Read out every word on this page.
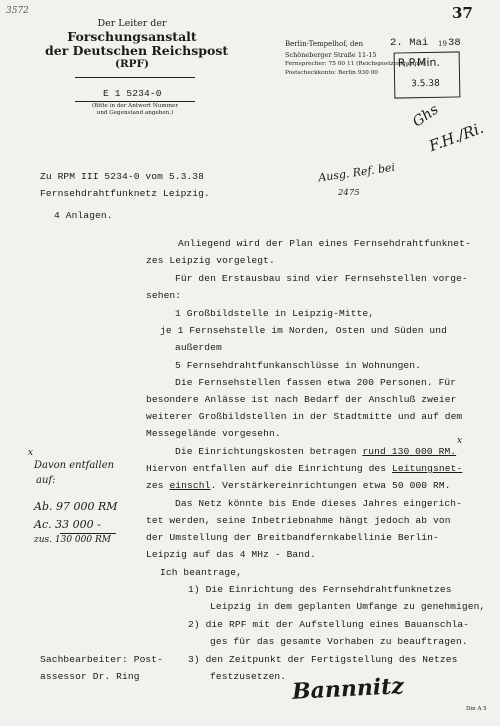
37
3572
Der Leiter der
Forschungsanstalt
der Deutschen Reichspost
(RPF)
E 1 5234-0
(Bitte in der Antwort Nummer
und Gegenstand angeben.)
Berlin-Tempelhof, den	2. Mai 19 38
Schöneberger Straße 11-15
Fernsprecher: 75 00 11 (Reichspostzentralamt)
Postscheckkonto: Berlin 930 00
R.P.Min.
3.5.38
Ghs
F.H./Ri.
Ausg. Ref. bei
2475
Zu RPM III 5234-0 vom 5.3.38
Fernsehdrahtfunknetz Leipzig.
4 Anlagen.
Anliegend wird der Plan eines Fernsehdrahtfunknet-
zes Leipzig vorgelegt.
Für den Erstausbau sind vier Fernsehstellen vorge-
sehen:
1 Großbildstelle in Leipzig-Mitte,
je 1 Fernsehstelle im Norden, Osten und Süden und
außerdem
5 Fernsehdrahtfunkanschlüsse in Wohnungen.
Die Fernsehstellen fassen etwa 200 Personen. Für
besondere Anlässe ist nach Bedarf der Anschluß zweier
weiterer Großbildstellen in der Stadtmitte und auf dem
Messegelände vorgesehn.
Die Einrichtungskosten betragen rund 130 000 RM.
x
Hiervon entfallen auf die Einrichtung des Leitungsnet-
zes einschl. Verstärkereinrichtungen etwa 50 000 RM.
Das Netz könnte bis Ende dieses Jahres eingerich-
tet werden, seine Inbetriebnahme hängt jedoch ab von
der Umstellung der Breitbandfernkabellinie Berlin-
Leipzig auf das 4 MHz - Band.
Ich beantrage,
1) Die Einrichtung des Fernsehdrahtfunknetzes
Leipzig in dem geplanten Umfange zu genehmigen,
2) die RPF mit der Aufstellung eines Bauanschla-
ges für das gesamte Vorhaben zu beauftragen.
3) den Zeitpunkt der Fertigstellung des Netzes
festzusetzen.
x
Davon entfallen
auf:
Ab. 97 000 RM
Ac. 33 000 -
zus. 130 000 RM
Sachbearbeiter: Post-
assessor Dr. Ring	Bannnitz
Din A 5
